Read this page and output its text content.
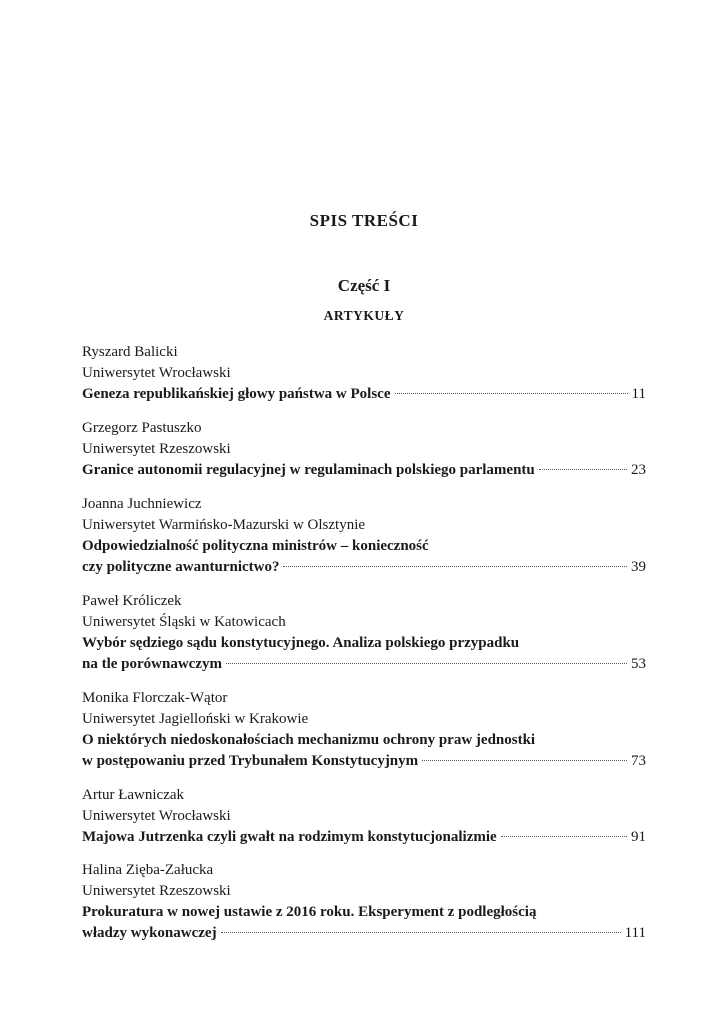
SPIS TREŚCI
Część I
ARTYKUŁY
Ryszard Balicki
Uniwersytet Wrocławski
Geneza republikańskiej głowy państwa w Polsce	11
Grzegorz Pastuszko
Uniwersytet Rzeszowski
Granice autonomii regulacyjnej w regulaminach polskiego parlamentu	23
Joanna Juchniewicz
Uniwersytet Warmińsko-Mazurski w Olsztynie
Odpowiedzialność polityczna ministrów – konieczność
czy polityczne awanturnictwo?	39
Paweł Króliczek
Uniwersytet Śląski w Katowicach
Wybór sędziego sądu konstytucyjnego. Analiza polskiego przypadku
na tle porównawczym	53
Monika Florczak-Wątor
Uniwersytet Jagielloński w Krakowie
O niektórych niedoskonałościach mechanizmu ochrony praw jednostki
w postępowaniu przed Trybunałem Konstytucyjnym	73
Artur Ławniczak
Uniwersytet Wrocławski
Majowa Jutrzenka czyli gwałt na rodzimym konstytucjonalizmie	91
Halina Zięba-Załucka
Uniwersytet Rzeszowski
Prokuratura w nowej ustawie z 2016 roku. Eksperyment z podległością
władzy wykonawczej	111
